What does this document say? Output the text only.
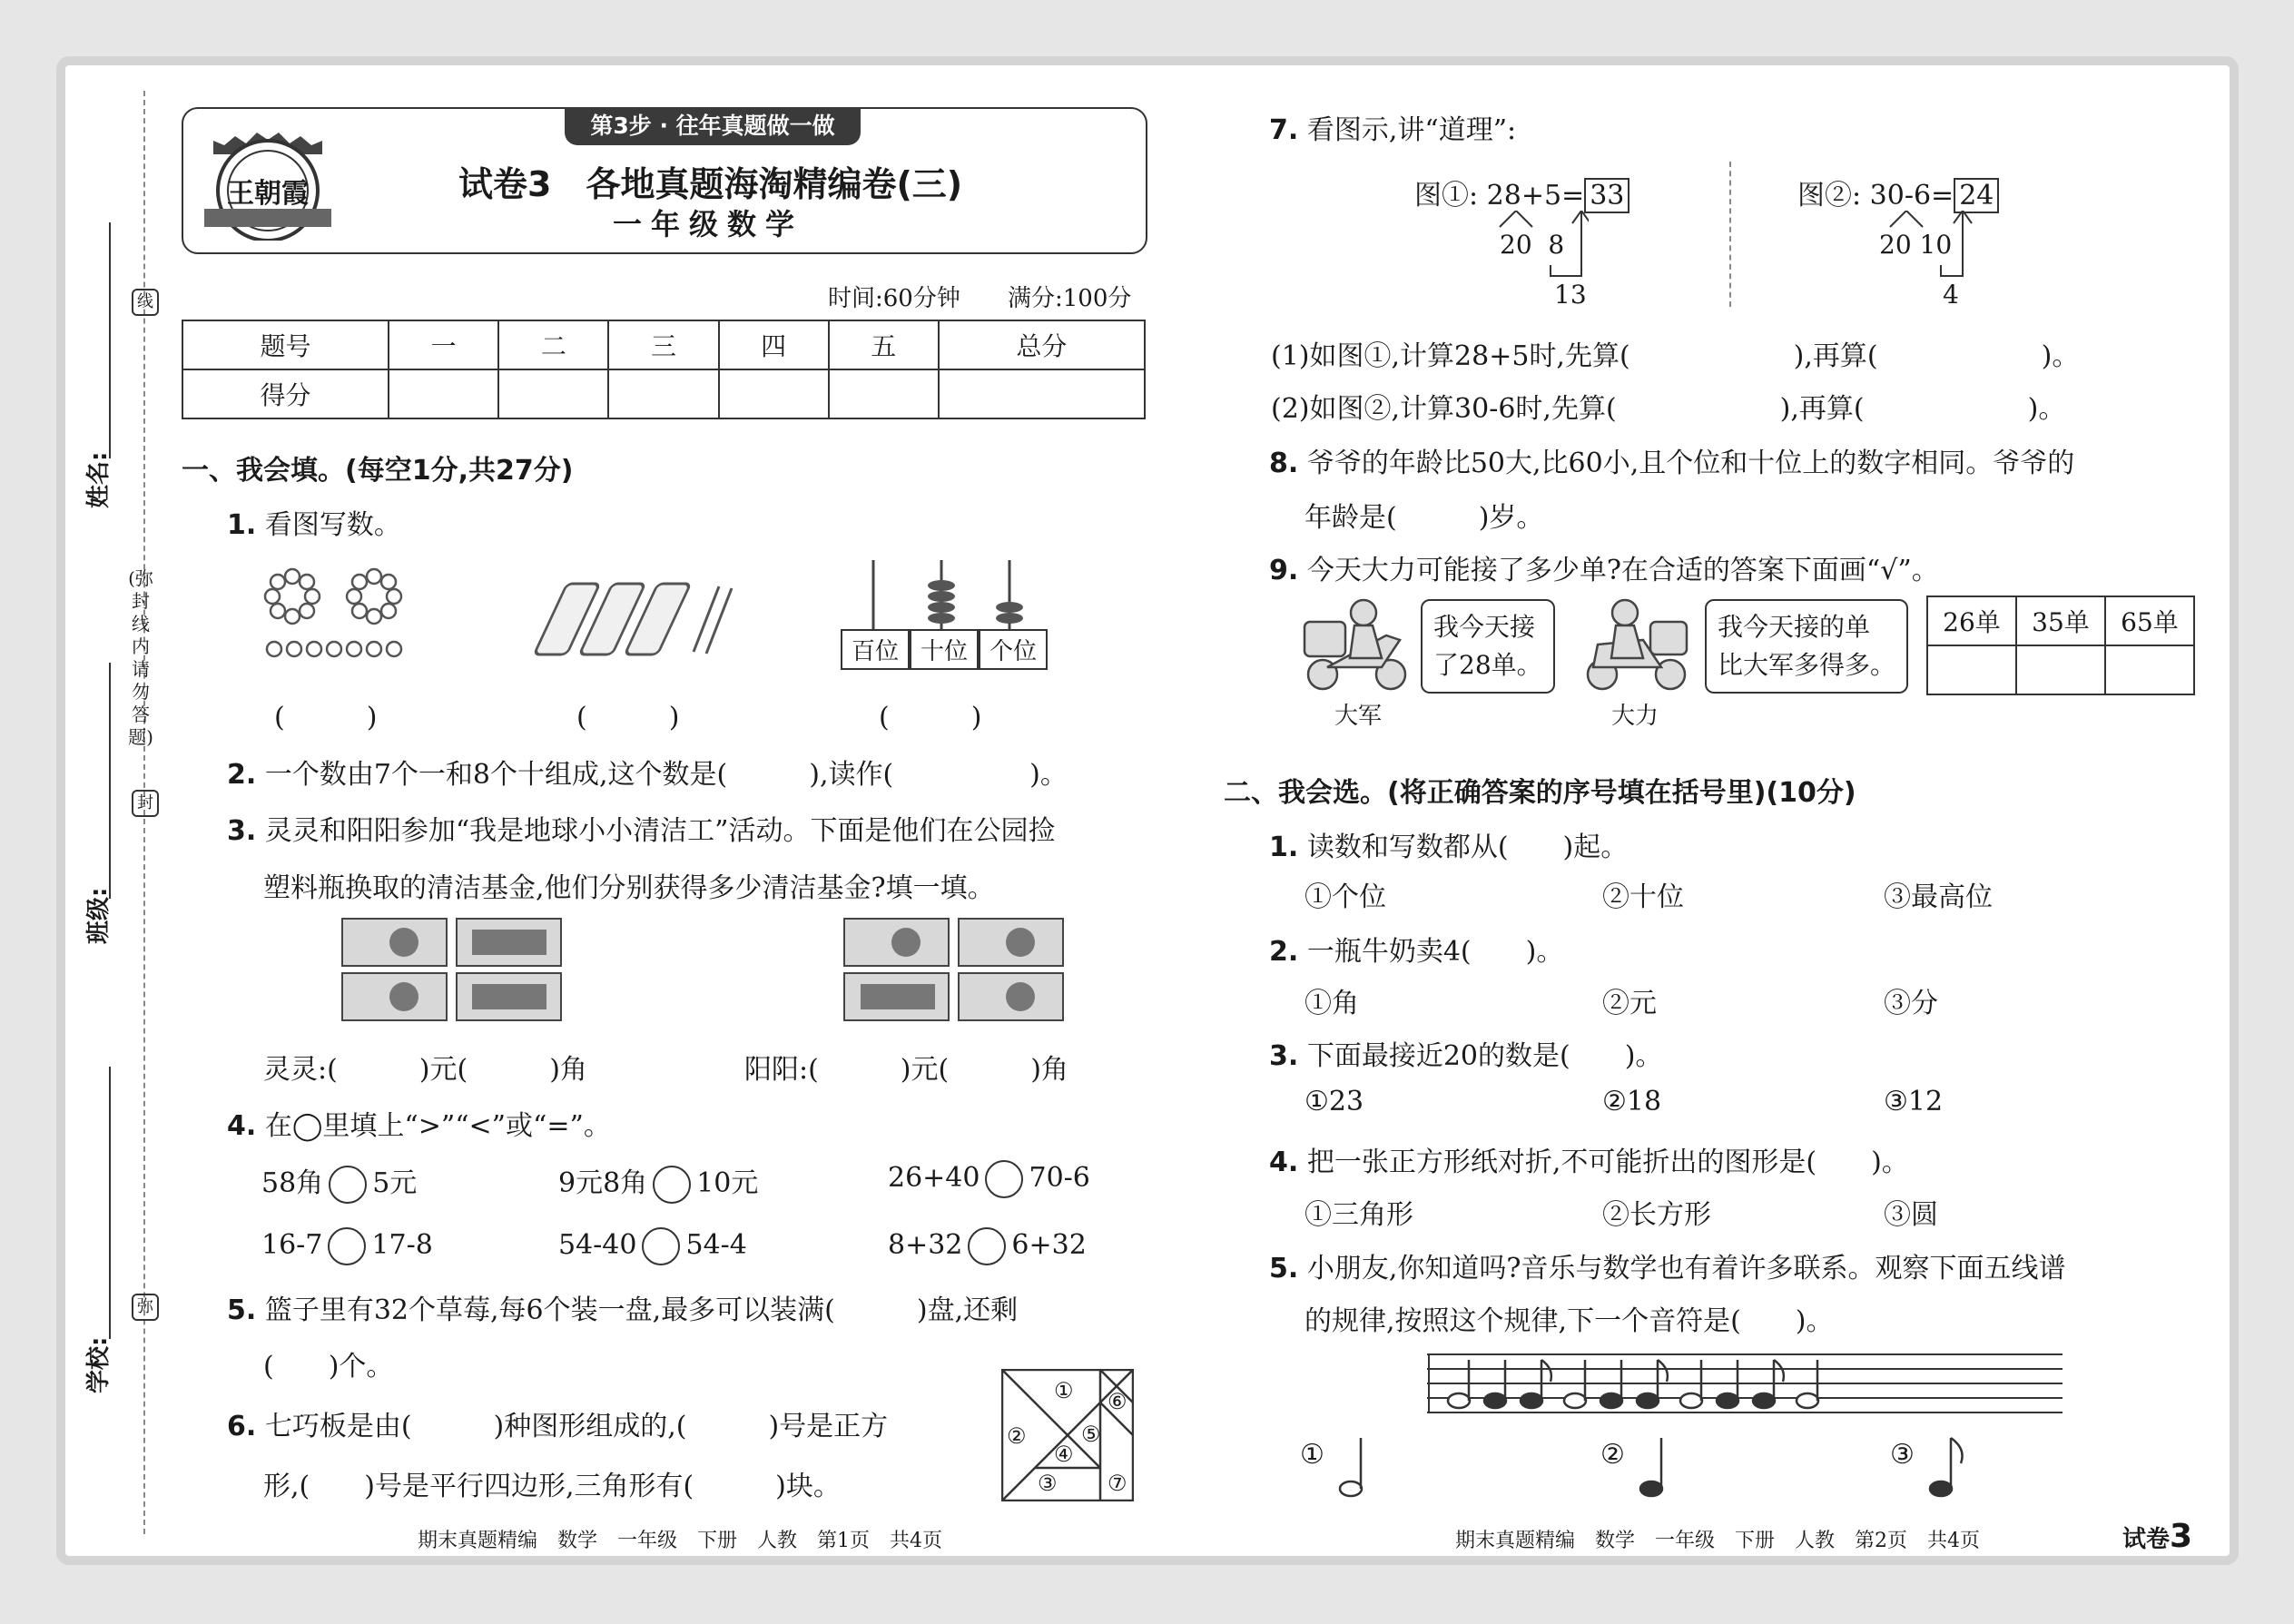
线
封
弥
(弥封线内请勿答题)
姓名:
班级:
学校:
王朝霞
第3步 · 往年真题做一做
试卷3　各地真题海淘精编卷(三)
一年级数学
时间:60分钟 满分:100分
题号	一	二	三	四	五	总分
得分						
一、我会填。(每空1分,共27分)
1. 看图写数。
百位 十位 个位
(　　　)	(　　　)	(　　　)
2. 一个数由7个一和8个十组成,这个数是(　　　),读作(　　　　　)。
3. 灵灵和阳阳参加“我是地球小小清洁工”活动。下面是他们在公园捡
塑料瓶换取的清洁基金,他们分别获得多少清洁基金?填一填。
灵灵:(　　　)元(　　　)角	阳阳:(　　　)元(　　　)角
4. 在◯里填上“>”“<”或“=”。
58角 5元	9元8角 10元	26+40 70-6
16-7 17-8	54-40 54-4	8+32 6+32
5. 篮子里有32个草莓,每6个装一盘,最多可以装满(　　　)盘,还剩
(　　)个。
6. 七巧板是由(　　　)种图形组成的,(　　　)号是正方
形,(　　)号是平行四边形,三角形有(　　　)块。
①
②
③
④
⑤
⑥
⑦
期末真题精编　数学　一年级　下册　人教　第1页　共4页
7. 看图示,讲“道理”:
图①: 28+5= 33
20  8
13
图②: 30-6= 24
20 10
4
(1)如图①,计算28+5时,先算(　　　　　　),再算(　　　　　　)。
(2)如图②,计算30-6时,先算(　　　　　　),再算(　　　　　　)。
8. 爷爷的年龄比50大,比60小,且个位和十位上的数字相同。爷爷的
年龄是(　　　)岁。
9. 今天大力可能接了多少单?在合适的答案下面画“√”。
我今天接
了28单。
大军
我今天接的单
比大军多得多。
大力
26单	35单	65单

二、我会选。(将正确答案的序号填在括号里)(10分)
1. 读数和写数都从(　　)起。
①个位	②十位	③最高位
2. 一瓶牛奶卖4(　　)。
①角	②元	③分
3. 下面最接近20的数是(　　)。
①23	②18	③12
4. 把一张正方形纸对折,不可能折出的图形是(　　)。
①三角形	②长方形	③圆
5. 小朋友,你知道吗?音乐与数学也有着许多联系。观察下面五线谱
的规律,按照这个规律,下一个音符是(　　)。
①	②	③
期末真题精编　数学　一年级　下册　人教　第2页　共4页	试卷3
